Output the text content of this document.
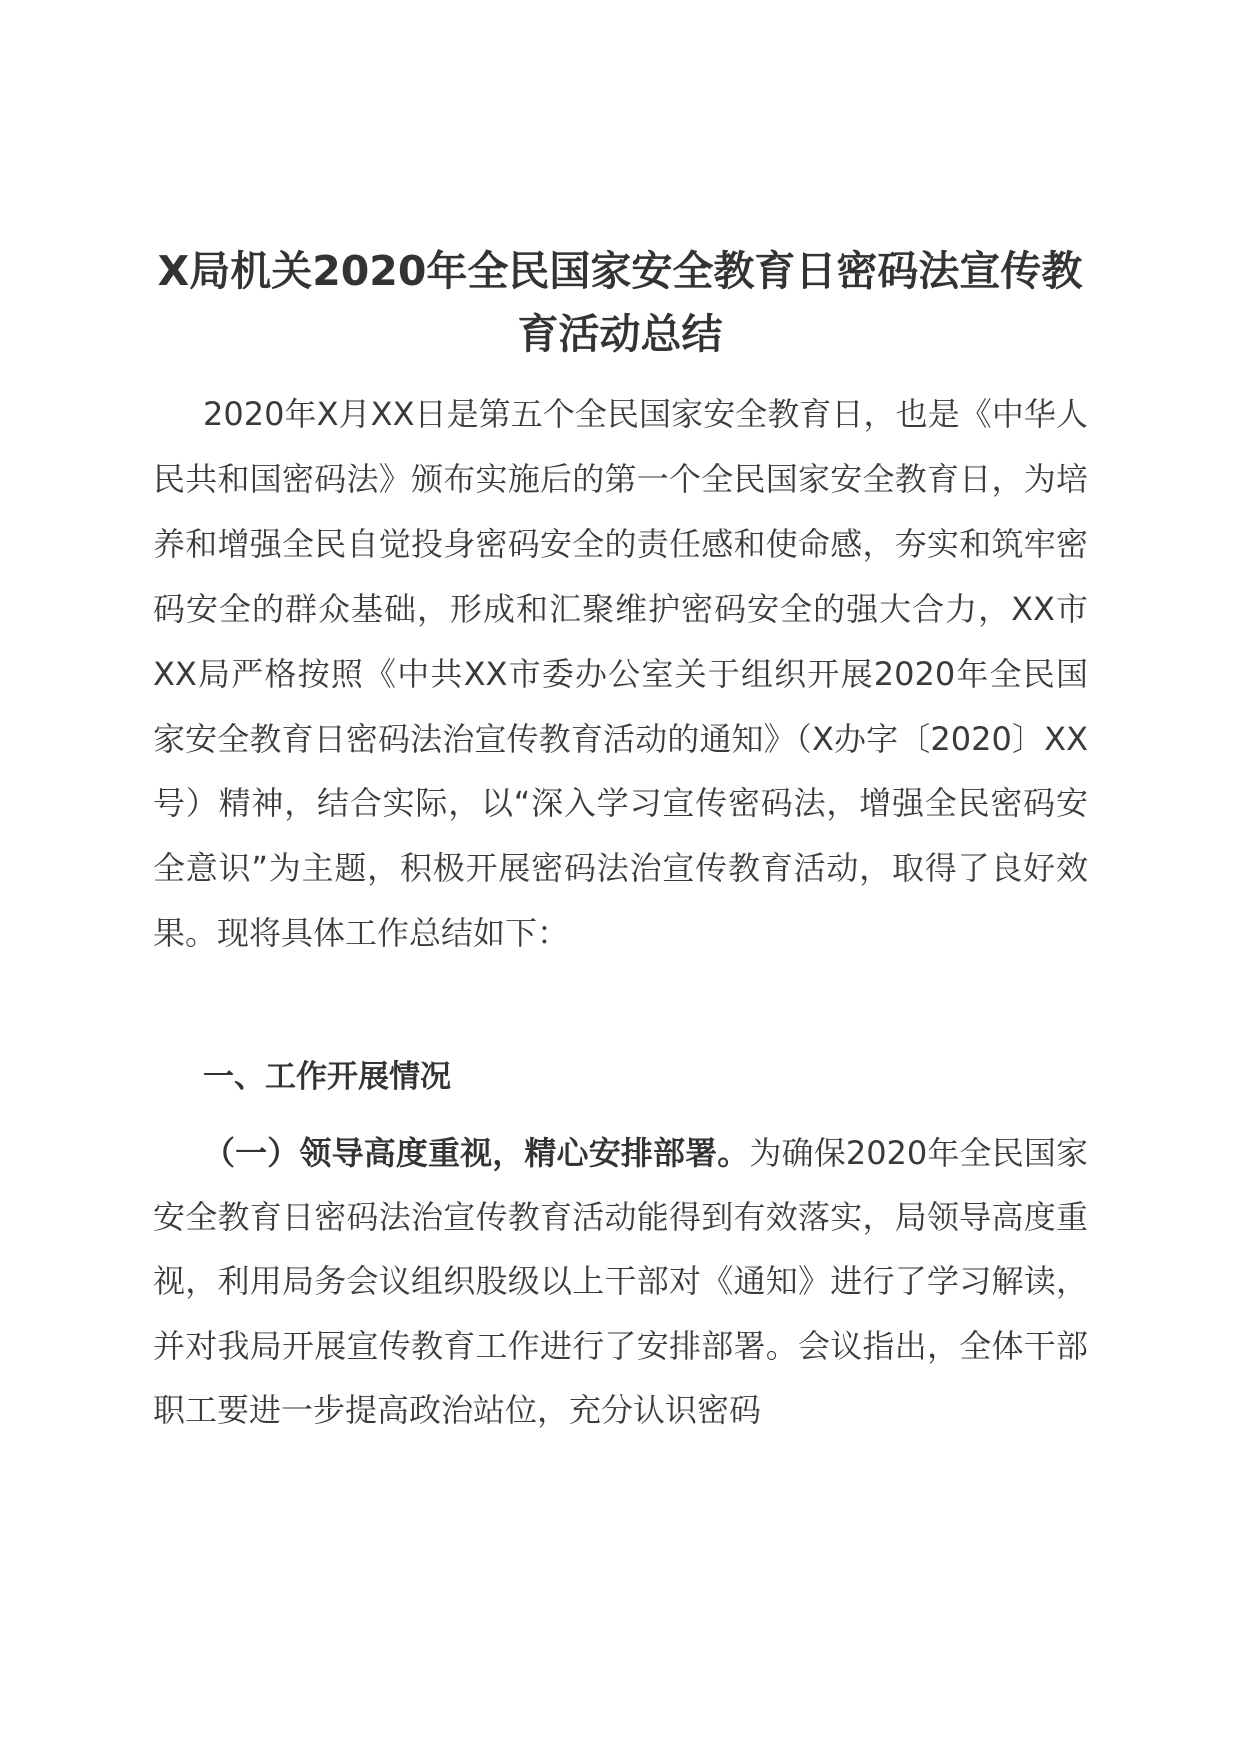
X局机关2020年全民国家安全教育日密码法宣传教育活动总结
2020年X月XX日是第五个全民国家安全教育日，也是《中华人民共和国密码法》颁布实施后的第一个全民国家安全教育日，为培养和增强全民自觉投身密码安全的责任感和使命感，夯实和筑牢密码安全的群众基础，形成和汇聚维护密码安全的强大合力，XX市XX局严格按照《中共XX市委办公室关于组织开展2020年全民国家安全教育日密码法治宣传教育活动的通知》（X办字〔2020〕XX号）精神，结合实际，以“深入学习宣传密码法，增强全民密码安全意识”为主题，积极开展密码法治宣传教育活动，取得了良好效果。现将具体工作总结如下：
一、工作开展情况
（一）领导高度重视，精心安排部署。为确保2020年全民国家安全教育日密码法治宣传教育活动能得到有效落实，局领导高度重视，利用局务会议组织股级以上干部对《通知》进行了学习解读，并对我局开展宣传教育工作进行了安排部署。会议指出，全体干部职工要进一步提高政治站位，充分认识密码
